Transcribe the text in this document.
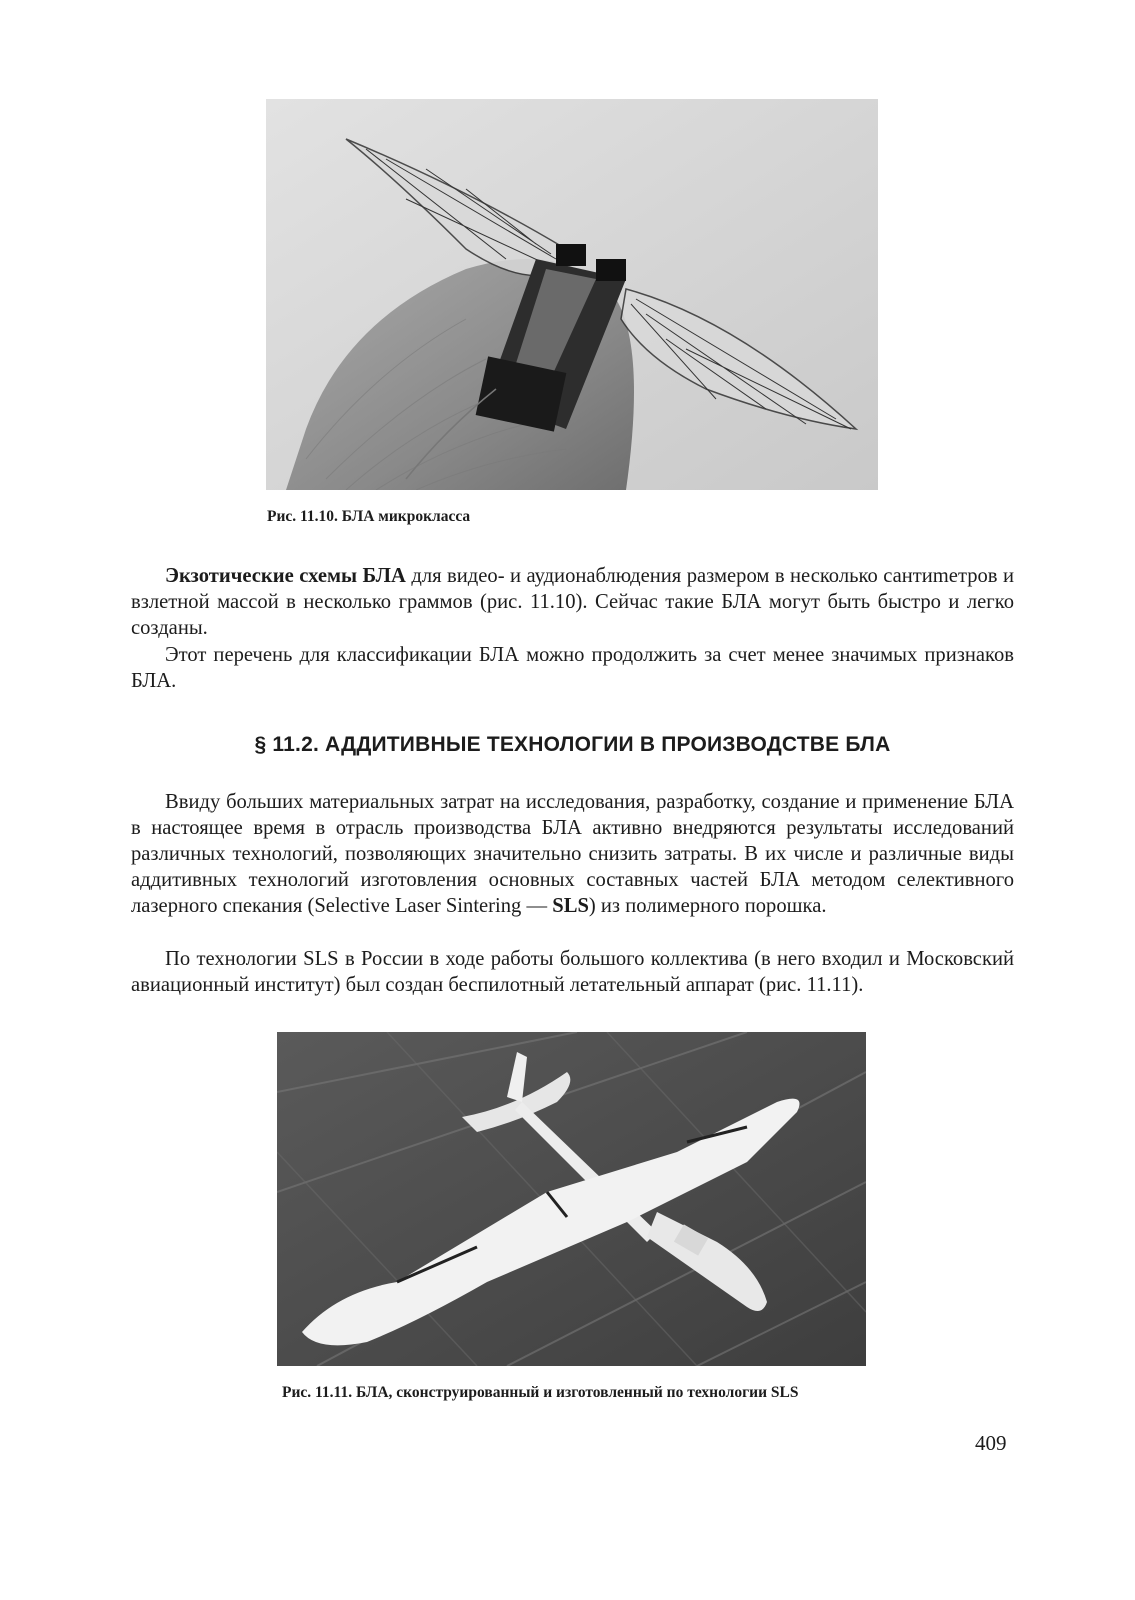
Рис. 11.10. БЛА микрокласса
Экзотические схемы БЛА для видео- и аудионаблюдения размером в несколько сантиmетров и взлетной массой в несколько граммов (рис. 11.10). Сейчас такие БЛА могут быть быстро и легко созданы.
Этот перечень для классификации БЛА можно продолжить за счет менее значимых признаков БЛА.
§ 11.2. АДДИТИВНЫЕ ТЕХНОЛОГИИ В ПРОИЗВОДСТВЕ БЛА
Ввиду больших материальных затрат на исследования, разработку, создание и применение БЛА в настоящее время в отрасль производства БЛА активно внедряются результаты исследований различных технологий, позволяющих значительно снизить затраты. В их числе и различные виды аддитивных технологий изготовления основных составных частей БЛА методом селективного лазерного спекания (Selective Laser Sintering — SLS) из полимерного порошка.
По технологии SLS в России в ходе работы большого коллектива (в него входил и Московский авиационный институт) был создан беспилотный летательный аппарат (рис. 11.11).
Рис. 11.11. БЛА, сконструированный и изготовленный по технологии SLS
409
